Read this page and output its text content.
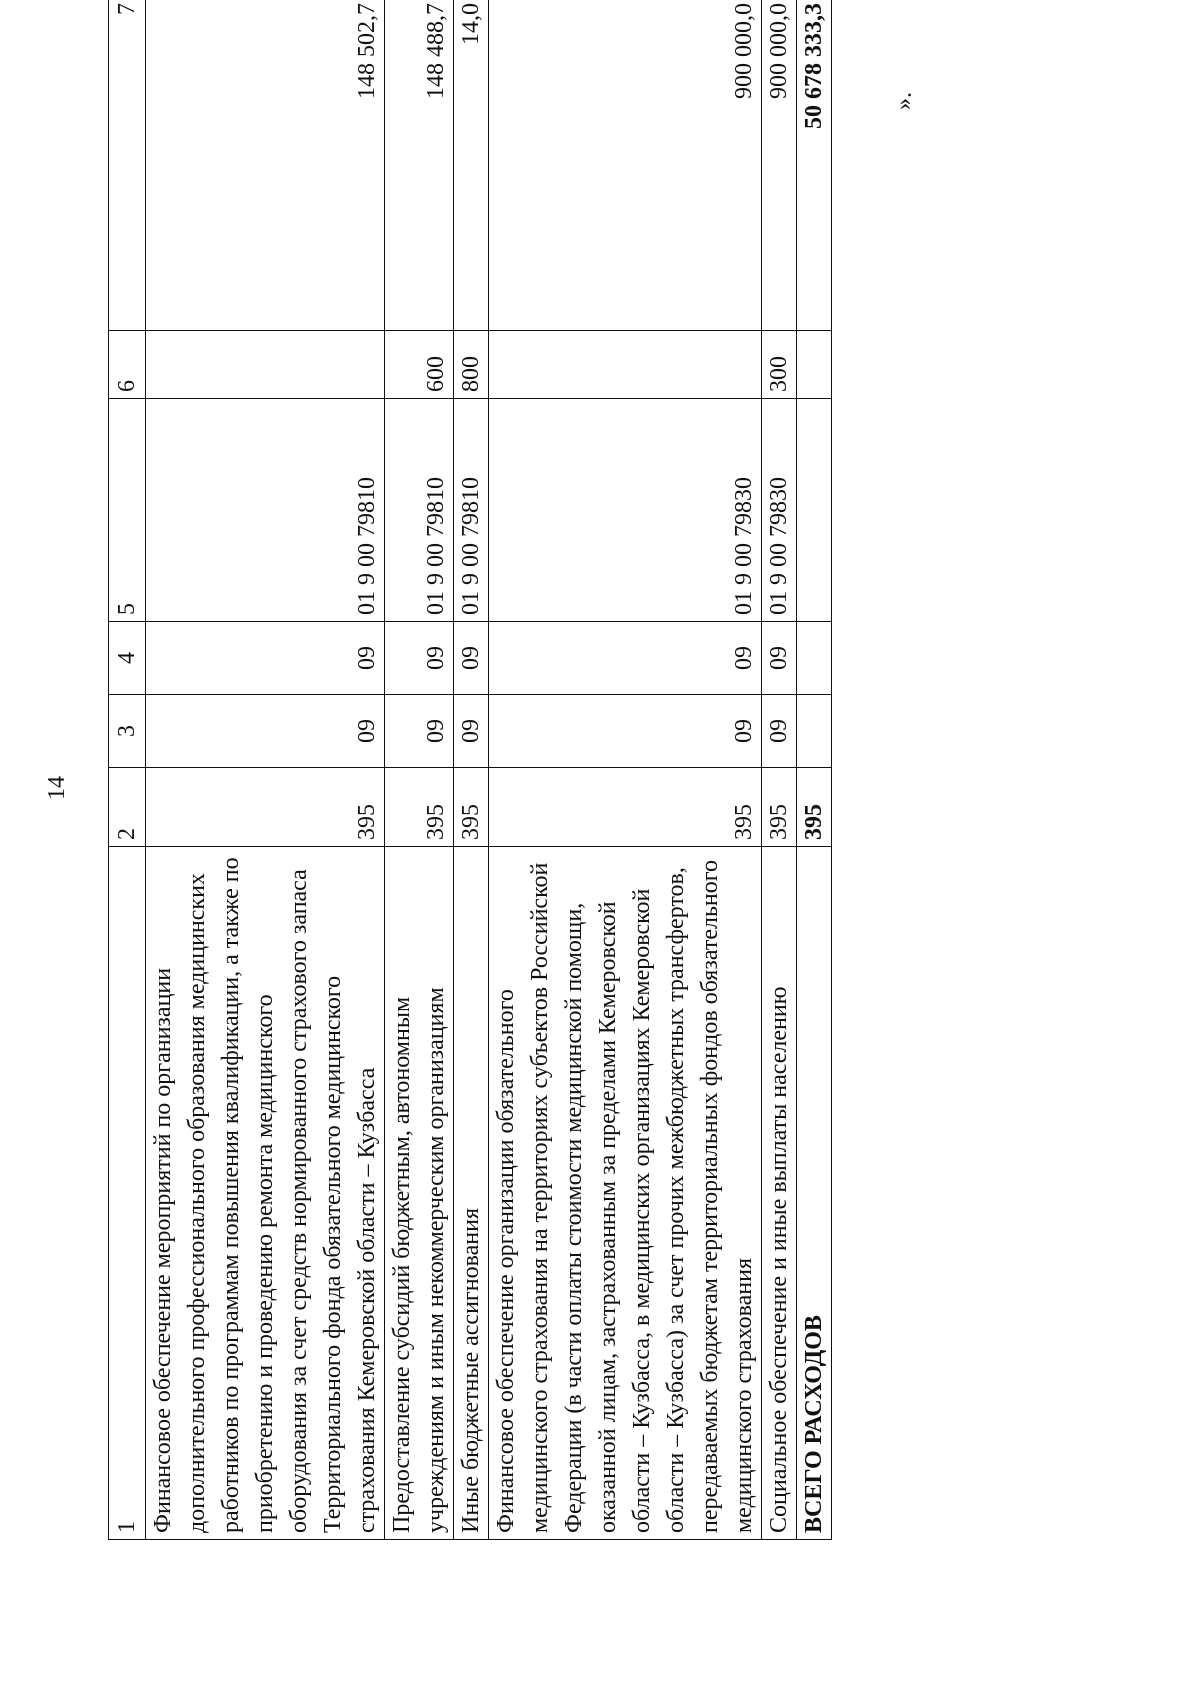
14
1	2	3	4	5	6	7
Финансовое обеспечение мероприятий по организации дополнительного профессионального образования медицинских работников по программам повышения квалификации, а также по приобретению и проведению ремонта медицинского оборудования за счет средств нормированного страхового запаса Территориального фонда обязательного медицинского страхования Кемеровской области – Кузбасса	395	09	09	01 9 00 79810		148 502,7
Предоставление субсидий бюджетным, автономным учреждениям и иным некоммерческим организациям	395	09	09	01 9 00 79810	600	148 488,7
Иные бюджетные ассигнования	395	09	09	01 9 00 79810	800	14,0
Финансовое обеспечение организации обязательного медицинского страхования на территориях субъектов Российской Федерации (в части оплаты стоимости медицинской помощи, оказанной лицам, застрахованным за пределами Кемеровской области – Кузбасса, в медицинских организациях Кемеровской области – Кузбасса) за счет прочих межбюджетных трансфертов, передаваемых бюджетам территориальных фондов обязательного медицинского страхования	395	09	09	01 9 00 79830		900 000,0
Социальное обеспечение и иные выплаты населению	395	09	09	01 9 00 79830	300	900 000,0
ВСЕГО РАСХОДОВ	395					50 678 333,3	».
